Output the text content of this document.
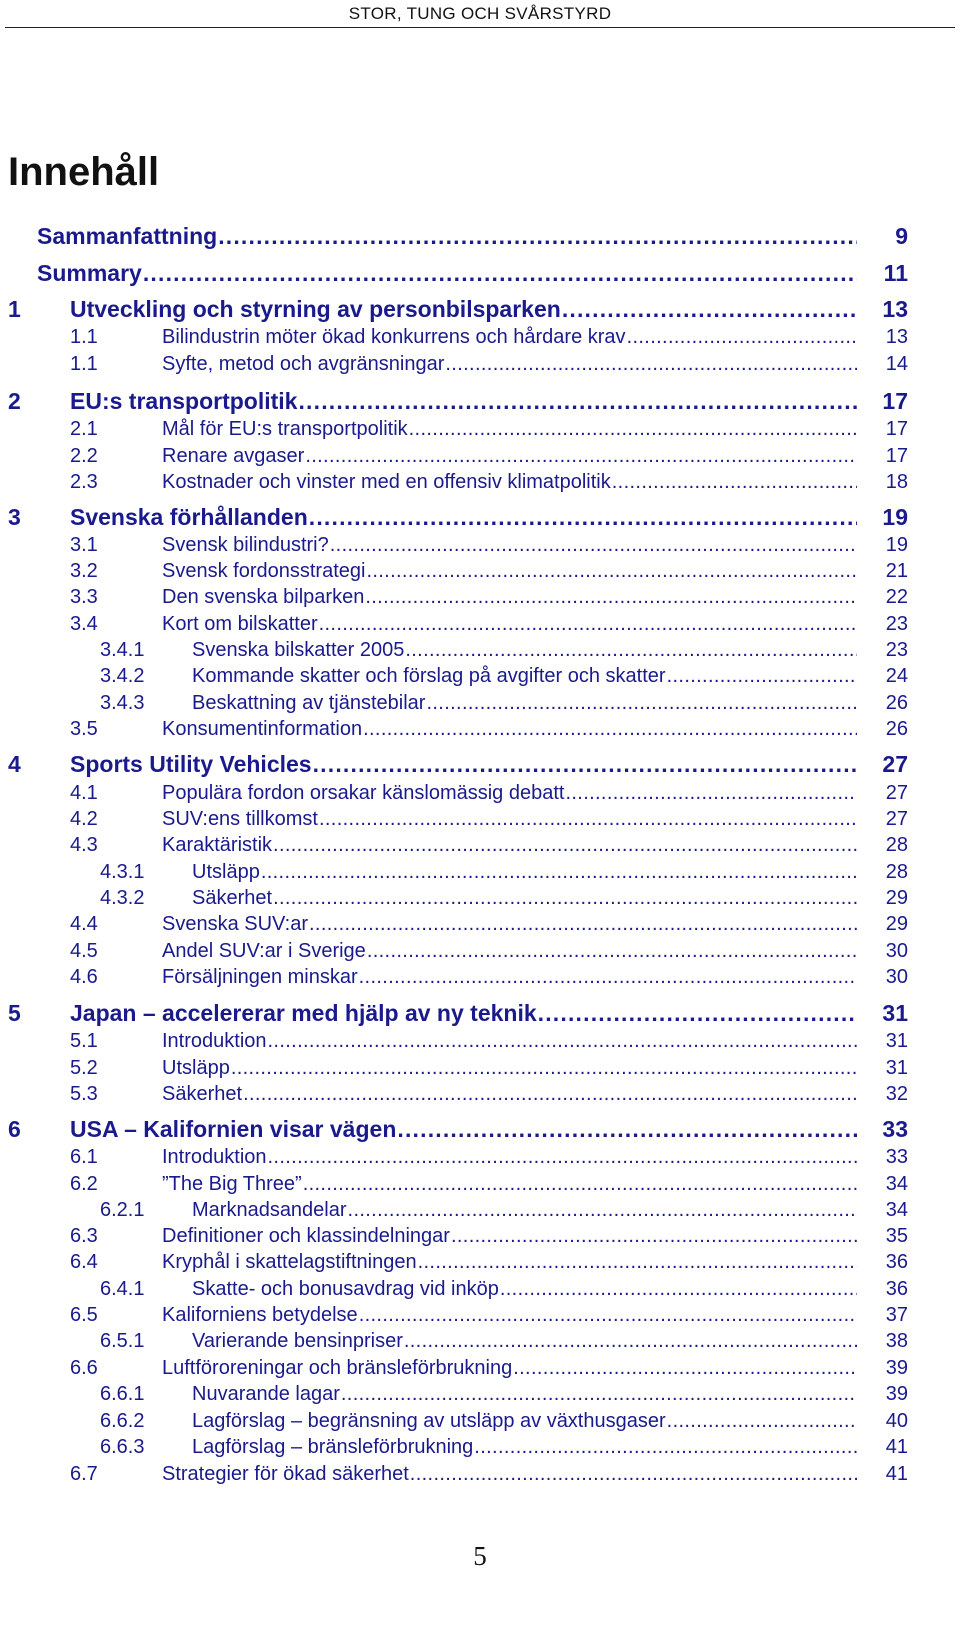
STOR, TUNG OCH SVÅRSTYRD
Innehåll
Sammanfattning . . .	9
Summary . . .	11
1 Utveckling och styrning av personbilsparken . . .	13
1.1	Bilindustrin möter ökad konkurrens och hårdare krav . . .	13
1.1	Syfte, metod och avgränsningar . . .	14
2 EU:s transportpolitik . . .	17
2.1	Mål för EU:s transportpolitik . . .	17
2.2	Renare avgaser . . .	17
2.3	Kostnader och vinster med en offensiv klimatpolitik . . .	18
3 Svenska förhållanden . . .	19
3.1	Svensk bilindustri? . . .	19
3.2	Svensk fordonsstrategi . . .	21
3.3	Den svenska bilparken . . .	22
3.4	Kort om bilskatter . . .	23
3.4.1 Svenska bilskatter 2005 . . .	23
3.4.2 Kommande skatter och förslag på avgifter och skatter . . .	24
3.4.3 Beskattning av tjänstebilar . . .	26
3.5	Konsumentinformation . . .	26
4 Sports Utility Vehicles . . .	27
4.1	Populära fordon orsakar känslomässig debatt . . .	27
4.2	SUV:ens tillkomst . . .	27
4.3	Karaktäristik . . .	28
4.3.1 Utsläpp . . .	28
4.3.2 Säkerhet . . .	29
4.4	Svenska SUV:ar . . .	29
4.5	Andel SUV:ar i Sverige . . .	30
4.6	Försäljningen minskar . . .	30
5 Japan – accelererar med hjälp av ny teknik . . .	31
5.1	Introduktion . . .	31
5.2	Utsläpp . . .	31
5.3	Säkerhet . . .	32
6 USA – Kalifornien visar vägen . . .	33
6.1	Introduktion . . .	33
6.2	”The Big Three” . . .	34
6.2.1 Marknadsandelar . . .	34
6.3	Definitioner och klassindelningar . . .	35
6.4	Kryphål i skattelagstiftningen . . .	36
6.4.1 Skatte- och bonusavdrag vid inköp . . .	36
6.5	Kaliforniens betydelse . . .	37
6.5.1 Varierande bensinpriser . . .	38
6.6	Luftföroreningar och bränsleförbrukning . . .	39
6.6.1 Nuvarande lagar . . .	39
6.6.2 Lagförslag – begränsning av utsläpp av växthusgaser . . .	40
6.6.3 Lagförslag – bränsleförbrukning . . .	41
6.7	Strategier för ökad säkerhet . . .	41
5
